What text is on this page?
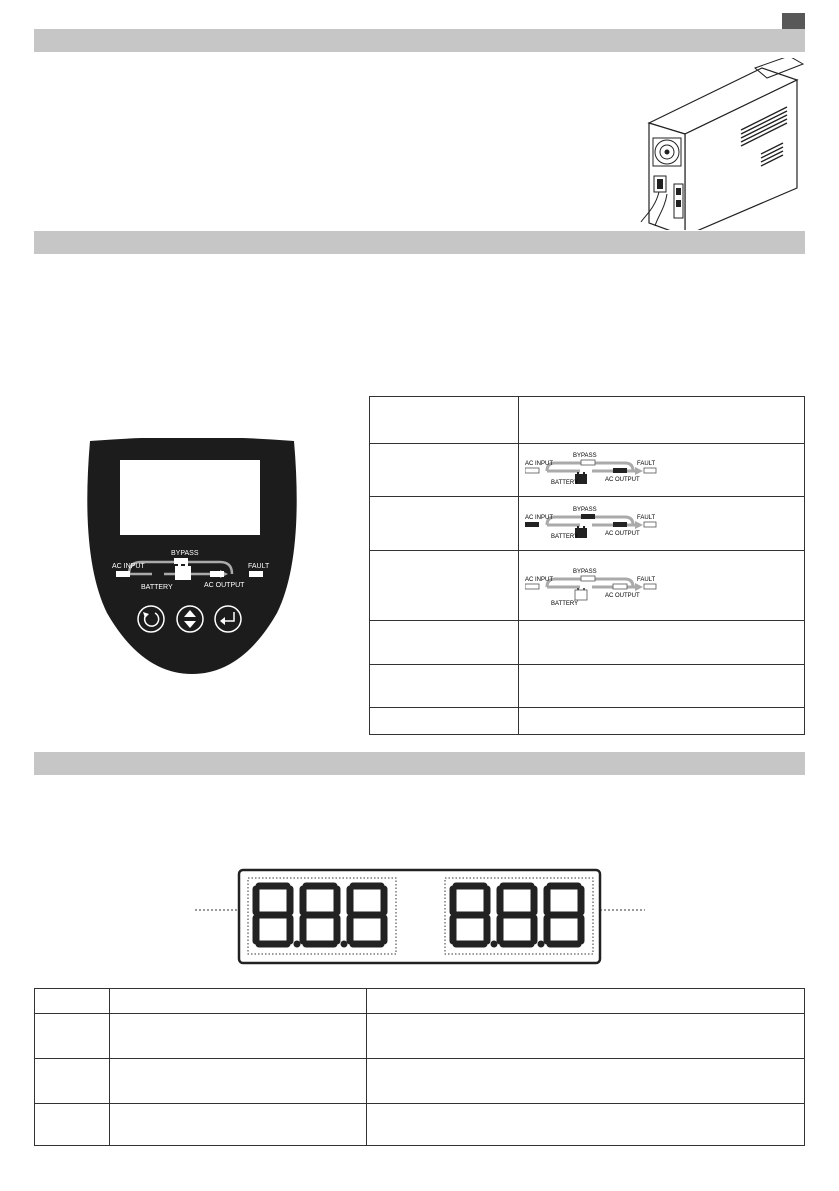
AC INPUT
BYPASS
FAULT
BATTERY	AC OUTPUT

AC INPUT
BYPASS
FAULT
BATTERY AC OUTPUT

AC INPUT
BYPASS
FAULT
BATTERY AC OUTPUT

AC INPUT
BYPASS
FAULT
BATTERY
AC OUTPUT
